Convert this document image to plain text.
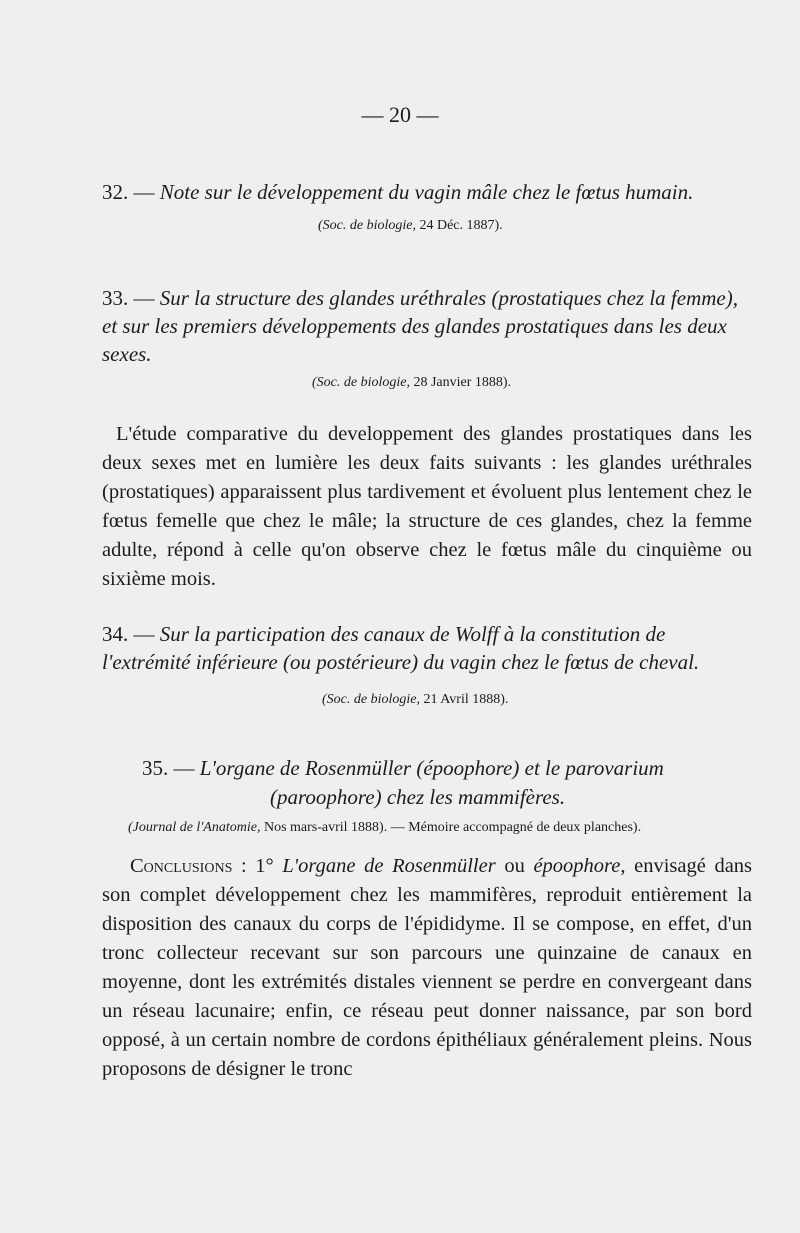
— 20 —
32. — Note sur le développement du vagin mâle chez le fœtus humain.
(Soc. de biologie, 24 Déc. 1887).
33. — Sur la structure des glandes uréthrales (prostatiques chez la femme), et sur les premiers développements des glandes prostatiques dans les deux sexes.
(Soc. de biologie, 28 Janvier 1888).

L'étude comparative du developpement des glandes prostatiques dans les deux sexes met en lumière les deux faits suivants : les glandes uréthrales (prostatiques) apparaissent plus tardivement et évoluent plus lentement chez le fœtus femelle que chez le mâle; la structure de ces glandes, chez la femme adulte, répond à celle qu'on observe chez le fœtus mâle du cinquième ou sixième mois.

34. — Sur la participation des canaux de Wolff à la constitution de l'extrémité inférieure (ou postérieure) du vagin chez le fœtus de cheval.
(Soc. de biologie, 21 Avril 1888).
35. — L'organe de Rosenmüller (époophore) et le parovarium
(paroophore) chez les mammifères.
(Journal de l'Anatomie, Nos mars-avril 1888). — Mémoire accompagné de deux planches).

Conclusions : 1° L'organe de Rosenmüller ou époophore, envisagé dans son complet développement chez les mammifères, reproduit entièrement la disposition des canaux du corps de l'épididyme. Il se compose, en effet, d'un tronc collecteur recevant sur son parcours une quinzaine de canaux en moyenne, dont les extrémités distales viennent se perdre en convergeant dans un réseau lacunaire; enfin, ce réseau peut donner naissance, par son bord opposé, à un certain nombre de cordons épithéliaux généralement pleins. Nous proposons de désigner le tronc
